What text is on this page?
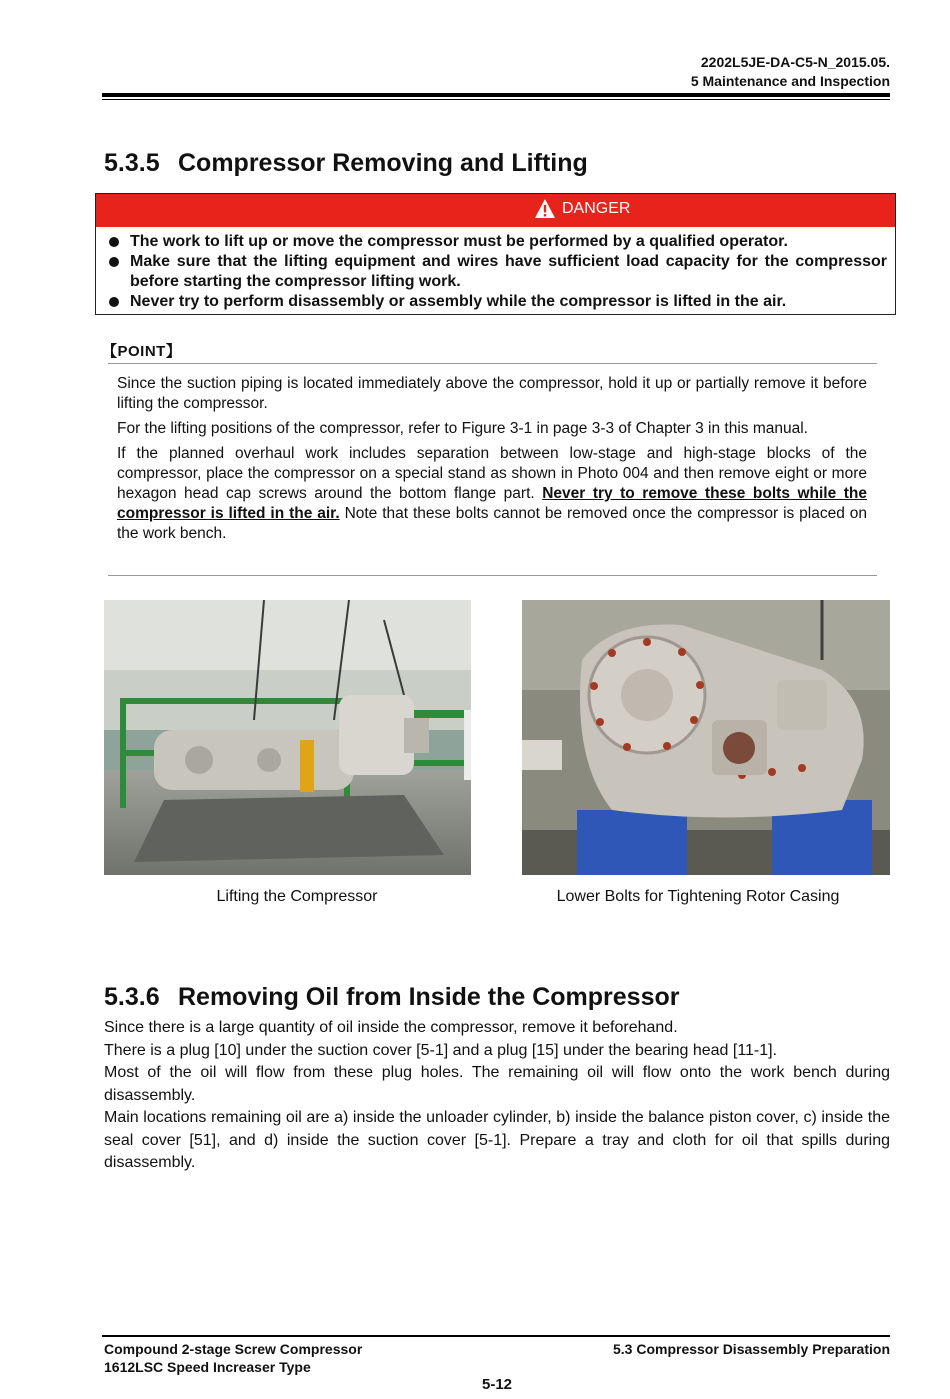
2202L5JE-DA-C5-N_2015.05.
5 Maintenance and Inspection
5.3.5 Compressor Removing and Lifting
DANGER
The work to lift up or move the compressor must be performed by a qualified operator.
Make sure that the lifting equipment and wires have sufficient load capacity for the compressor before starting the compressor lifting work.
Never try to perform disassembly or assembly while the compressor is lifted in the air.
【POINT】

Since the suction piping is located immediately above the compressor, hold it up or partially remove it before lifting the compressor.

For the lifting positions of the compressor, refer to Figure 3-1 in page 3-3 of Chapter 3 in this manual.

If the planned overhaul work includes separation between low-stage and high-stage blocks of the compressor, place the compressor on a special stand as shown in Photo 004 and then remove eight or more hexagon head cap screws around the bottom flange part. Never try to remove these bolts while the compressor is lifted in the air. Note that these bolts cannot be removed once the compressor is placed on the work bench.

Lifting the Compressor	Lower Bolts for Tightening Rotor Casing
5.3.6 Removing Oil from Inside the Compressor

Since there is a large quantity of oil inside the compressor, remove it beforehand.

There is a plug [10] under the suction cover [5-1] and a plug [15] under the bearing head [11-1].

Most of the oil will flow from these plug holes. The remaining oil will flow onto the work bench during disassembly.

Main locations remaining oil are a) inside the unloader cylinder, b) inside the balance piston cover, c) inside the seal cover [51], and d) inside the suction cover [5-1]. Prepare a tray and cloth for oil that spills during disassembly.

Compound 2-stage Screw Compressor
1612LSC Speed Increaser Type
5.3 Compressor Disassembly Preparation
5-12
